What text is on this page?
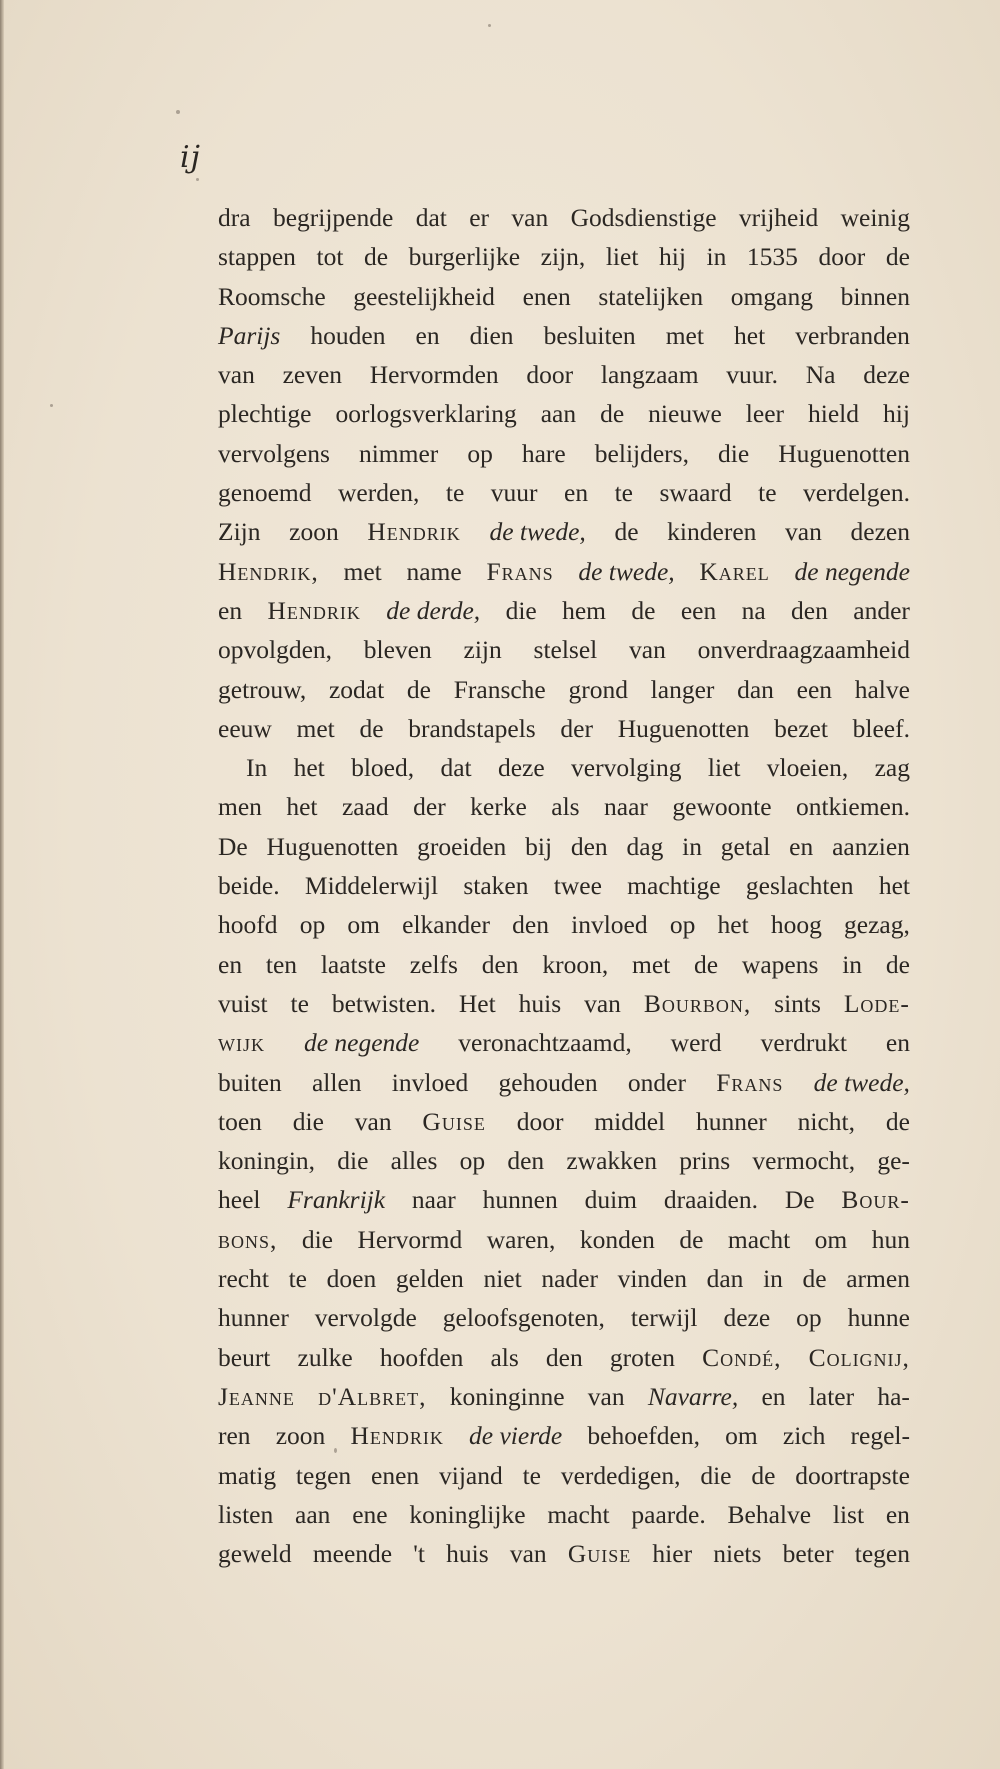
ij
dra begrijpende dat er van Godsdienstige vrijheid weinig
stappen tot de burgerlijke zijn, liet hij in 1535 door de
Roomsche geestelijkheid enen statelijken omgang binnen
Parijs houden en dien besluiten met het verbranden
van zeven Hervormden door langzaam vuur. Na deze
plechtige oorlogsverklaring aan de nieuwe leer hield hij
vervolgens nimmer op hare belijders, die Huguenotten
genoemd werden, te vuur en te swaard te verdelgen.
Zijn zoon Hendrik de twede, de kinderen van dezen
Hendrik, met name Frans de twede, Karel de negende
en Hendrik de derde, die hem de een na den ander
opvolgden, bleven zijn stelsel van onverdraagzaamheid
getrouw, zodat de Fransche grond langer dan een halve
eeuw met de brandstapels der Huguenotten bezet bleef.
In het bloed, dat deze vervolging liet vloeien, zag
men het zaad der kerke als naar gewoonte ontkiemen.
De Huguenotten groeiden bij den dag in getal en aanzien
beide. Middelerwijl staken twee machtige geslachten het
hoofd op om elkander den invloed op het hoog gezag,
en ten laatste zelfs den kroon, met de wapens in de
vuist te betwisten. Het huis van Bourbon, sints Lode-
wijk de negende veronachtzaamd, werd verdrukt en
buiten allen invloed gehouden onder Frans de twede,
toen die van Guise door middel hunner nicht, de
koningin, die alles op den zwakken prins vermocht, ge-
heel Frankrijk naar hunnen duim draaiden. De Bour-
bons, die Hervormd waren, konden de macht om hun
recht te doen gelden niet nader vinden dan in de armen
hunner vervolgde geloofsgenoten, terwijl deze op hunne
beurt zulke hoofden als den groten Condé, Colignij,
Jeanne d'Albret, koninginne van Navarre, en later ha-
ren zoon Hendrik de vierde behoefden, om zich regel-
matig tegen enen vijand te verdedigen, die de doortrapste
listen aan ene koninglijke macht paarde. Behalve list en
geweld meende 't huis van Guise hier niets beter tegen
